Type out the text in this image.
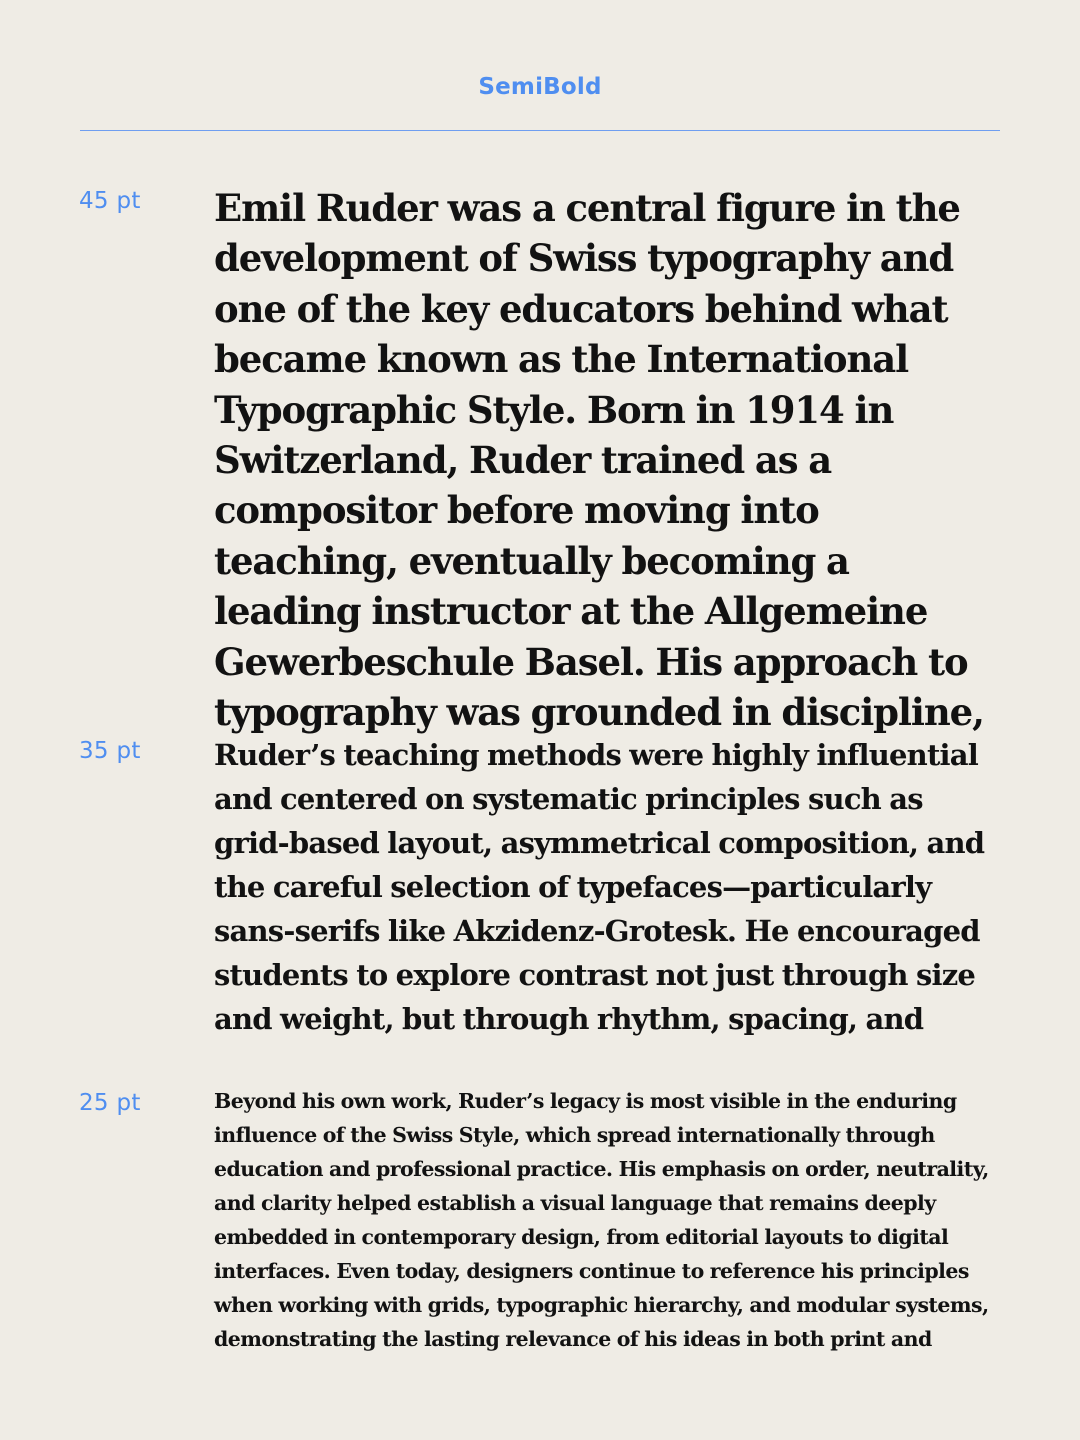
SemiBold
45 pt Emil Ruder was a central figure in the development of Swiss typography and one of the key educators behind what became known as the International Typographic Style. Born in 1914 in Switzerland, Ruder trained as a compositor before moving into teaching, eventually becoming a leading instructor at the Allgemeine Gewerbeschule Basel. His approach to typography was grounded in discipline,

35 pt	Ruder’s teaching methods were highly influential and centered on systematic principles such as grid-based layout, asymmetrical composition, and the careful selection of typefaces—particularly sans-serifs like Akzidenz-Grotesk. He encouraged students to explore contrast not just through size and weight, but through rhythm, spacing, and

25 pt	Beyond his own work, Ruder’s legacy is most visible in the enduring influence of the Swiss Style, which spread internationally through education and professional practice. His emphasis on order, neutrality, and clarity helped establish a visual language that remains deeply embedded in contemporary design, from editorial layouts to digital interfaces. Even today, designers continue to reference his principles when working with grids, typographic hierarchy, and modular systems, demonstrating the lasting relevance of his ideas in both print and
